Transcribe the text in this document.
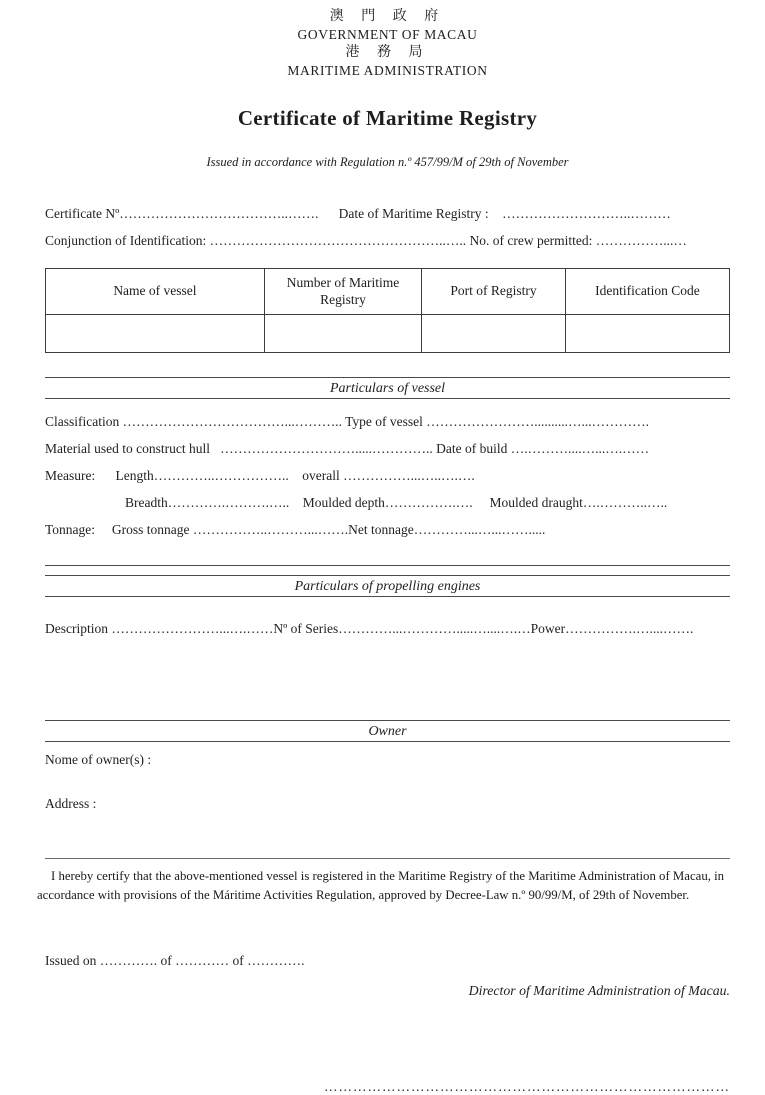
澳 門 政 府
GOVERNMENT OF MACAU
港 務 局
MARITIME ADMINISTRATION
Certificate of Maritime Registry
Issued in accordance with Regulation n.º 457/99/M of 29th of November
Certificate Nº………………………………..…….      Date of Maritime Registry :    ………………………..………
Conjunction of Identification: ……………………………………………..….. No. of crew permitted: ……………...…
Name of vessel	Number of Maritime Registry	Port of Registry	Identification Code

Particulars of vessel
Classification ………………………………...……….. Type of vessel ……………………..........…...………….
Material used to construct hull   ………………………….....………….. Date of build ….………....…...….……
Measure:      Length…………..……………..    overall ……………...…..….….
Breadth………….……….…..    Moulded depth…………….….     Moulded draught….………..…..
Tonnage:     Gross tonnage ……………..………...…….Net tonnage…………...…...…….....
Particulars of propelling engines
Description ……………………...….……Nº of Series…………...………….....…....….…Power…………….…....…….
Owner
Nome of owner(s) :
Address :

I hereby certify that the above-mentioned vessel is registered in the Maritime Registry of the Maritime Administration of Macau, in accordance with provisions of the Máritime Activities Regulation, approved by Decree-Law n.º 90/99/M, of 29th of November.

Issued on …………. of ………… of ………….
Director of Maritime Administration of Macau.
…………………………………………………………………………
